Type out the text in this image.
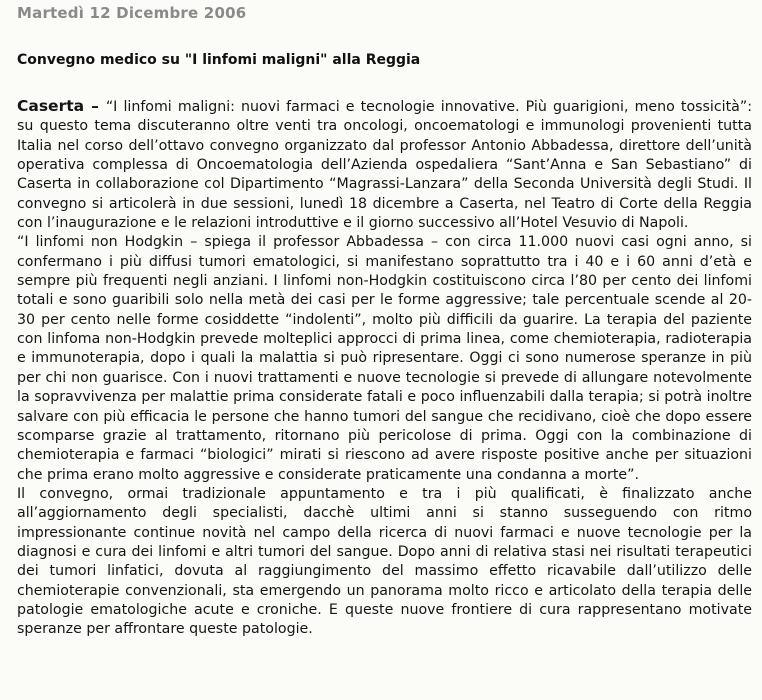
Martedì 12 Dicembre 2006
Convegno medico su "I linfomi maligni" alla Reggia

Caserta – “I linfomi maligni: nuovi farmaci e tecnologie innovative. Più guarigioni, meno tossicità”: su questo tema discuteranno oltre venti tra oncologi, oncoematologi e immunologi provenienti tutta Italia nel corso dell’ottavo convegno organizzato dal professor Antonio Abbadessa, direttore dell’unità operativa complessa di Oncoematologia dell’Azienda ospedaliera “Sant’Anna e San Sebastiano” di Caserta in collaborazione col Dipartimento “Magrassi-Lanzara” della Seconda Università degli Studi. Il convegno si articolerà in due sessioni, lunedì 18 dicembre a Caserta, nel Teatro di Corte della Reggia con l’inaugurazione e le relazioni introduttive e il giorno successivo all’Hotel Vesuvio di Napoli.

“I linfomi non Hodgkin – spiega il professor Abbadessa – con circa 11.000 nuovi casi ogni anno, si confermano i più diffusi tumori ematologici, si manifestano soprattutto tra i 40 e i 60 anni d’età e sempre più frequenti negli anziani. I linfomi non-Hodgkin costituiscono circa l’80 per cento dei linfomi totali e sono guaribili solo nella metà dei casi per le forme aggressive; tale percentuale scende al 20-30 per cento nelle forme cosiddette “indolenti”, molto più difficili da guarire. La terapia del paziente con linfoma non-Hodgkin prevede molteplici approcci di prima linea, come chemioterapia, radioterapia e immunoterapia, dopo i quali la malattia si può ripresentare. Oggi ci sono numerose speranze in più per chi non guarisce. Con i nuovi trattamenti e nuove tecnologie si prevede di allungare notevolmente la sopravvivenza per malattie prima considerate fatali e poco influenzabili dalla terapia; si potrà inoltre salvare con più efficacia le persone che hanno tumori del sangue che recidivano, cioè che dopo essere scomparse grazie al trattamento, ritornano più pericolose di prima. Oggi con la combinazione di chemioterapia e farmaci “biologici” mirati si riescono ad avere risposte positive anche per situazioni che prima erano molto aggressive e considerate praticamente una condanna a morte”.

Il convegno, ormai tradizionale appuntamento e tra i più qualificati, è finalizzato anche all’aggiornamento degli specialisti, dacchè ultimi anni si stanno susseguendo con ritmo impressionante continue novità nel campo della ricerca di nuovi farmaci e nuove tecnologie per la diagnosi e cura dei linfomi e altri tumori del sangue. Dopo anni di relativa stasi nei risultati terapeutici dei tumori linfatici, dovuta al raggiungimento del massimo effetto ricavabile dall’utilizzo delle chemioterapie convenzionali, sta emergendo un panorama molto ricco e articolato della terapia delle patologie ematologiche acute e croniche. E queste nuove frontiere di cura rappresentano motivate speranze per affrontare queste patologie.
